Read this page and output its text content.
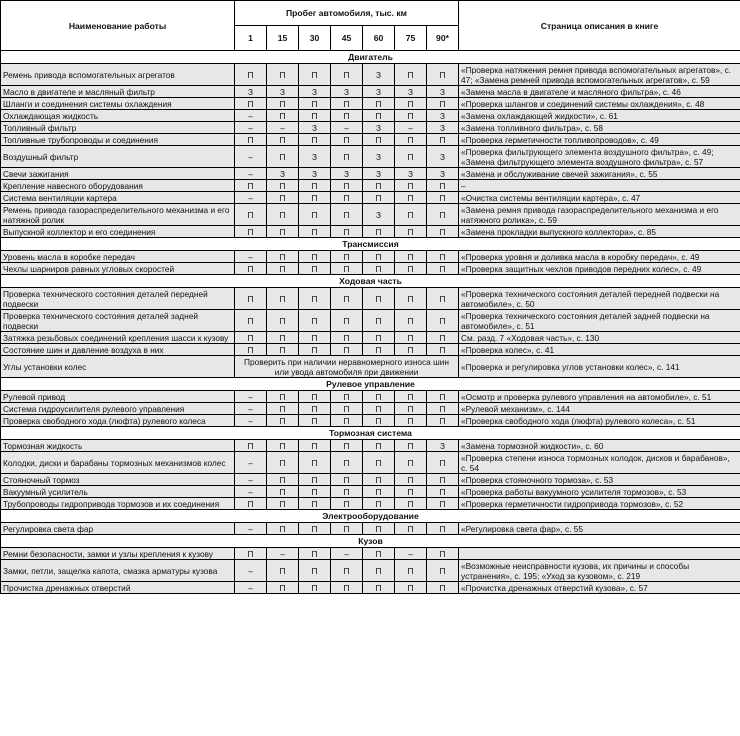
Наименование работы	Пробег автомобиля, тыс. км							Страница описания в книге
	1	15	30	45	60	75	90*	
Двигатель								
Ремень привода вспомогательных агрегатов	П	П	П	П	З	П	П	«Проверка натяжения ремня привода вспомогательных агрегатов», с. 47; «Замена ремней привода вспомогательных агрегатов», с. 59
Масло в двигателе и масляный фильтр	З	З	З	З	З	З	З	«Замена масла в двигателе и масляного фильтра», с. 46
Шланги и соединения системы охлаждения	П	П	П	П	П	П	П	«Проверка шлангов и соединений системы охлаждения», с. 48
Охлаждающая жидкость	–	П	П	П	П	П	З	«Замена охлаждающей жидкости», с. 61
Топливный фильтр	–	–	З	–	З	–	З	«Замена топливного фильтра», с. 58
Топливные трубопроводы и соединения	П	П	П	П	П	П	П	«Проверка герметичности топливопроводов», с. 49
Воздушный фильтр	–	П	З	П	З	П	З	«Проверка фильтрующего элемента воздушного фильтра», с. 49; «Замена фильтрующего элемента воздушного фильтра», с. 57
Свечи зажигания	–	З	З	З	З	З	З	«Замена и обслуживание свечей зажигания», с. 55
Крепление навесного оборудования	П	П	П	П	П	П	П	–
Система вентиляции картера	–	П	П	П	П	П	П	«Очистка системы вентиляции картера», с. 47
Ремень привода газораспределительного механизма и его натяжной ролик	П	П	П	П	З	П	П	«Замена ремня привода газораспределительного механизма и его натяжного ролика», с. 59
Выпускной коллектор и его соединения	П	П	П	П	П	П	П	«Замена прокладки выпускного коллектора», с. 85
Трансмиссия								
Уровень масла в коробке передач	–	П	П	П	П	П	П	«Проверка уровня и доливка масла в коробку передач», с. 49
Чехлы шарниров равных угловых скоростей	П	П	П	П	П	П	П	«Проверка защитных чехлов приводов передних колес», с. 49
Ходовая часть								
Проверка технического состояния деталей передней подвески	П	П	П	П	П	П	П	«Проверка технического состояния деталей передней подвески на автомобиле», с. 50
Проверка технического состояния деталей задней подвески	П	П	П	П	П	П	П	«Проверка технического состояния деталей задней подвески на автомобиле», с. 51
Затяжка резьбовых соединений крепления шасси к кузову	П	П	П	П	П	П	П	См. разд. 7 «Ходовая часть», с. 130
Состояние шин и давление воздуха в них	П	П	П	П	П	П	П	«Проверка колес», с. 41
Углы установки колес	Проверить при наличии неравномерного износа шин или увода автомобиля при движении							«Проверка и регулировка углов установки колес», с. 141
Рулевое управление								
Рулевой привод	–	П	П	П	П	П	П	«Осмотр и проверка рулевого управления на автомобиле», с. 51
Система гидроусилителя рулевого управления	–	П	П	П	П	П	П	«Рулевой механизм», с. 144
Проверка свободного хода (люфта) рулевого колеса	–	П	П	П	П	П	П	«Проверка свободного хода (люфта) рулевого колеса», с. 51
Тормозная система								
Тормозная жидкость	П	П	П	П	П	П	З	«Замена тормозной жидкости», с. 60
Колодки, диски и барабаны тормозных механизмов колес	–	П	П	П	П	П	П	«Проверка степени износа тормозных колодок, дисков и барабанов», с. 54
Стояночный тормоз	–	П	П	П	П	П	П	«Проверка стояночного тормоза», с. 53
Вакуумный усилитель	–	П	П	П	П	П	П	«Проверка работы вакуумного усилителя тормозов», с. 53
Трубопроводы гидропривода тормозов и их соединения	П	П	П	П	П	П	П	«Проверка герметичности гидропривода тормозов», с. 52
Электрооборудование								
Регулировка света фар	–	П	П	П	П	П	П	«Регулировка света фар», с. 55
Кузов								
Ремни безопасности, замки и узлы крепления к кузову	П	–	П	–	П	–	П	
Замки, петли, защелка капота, смазка арматуры кузова	–	П	П	П	П	П	П	«Возможные неисправности кузова, их причины и способы устранения», с. 195; «Уход за кузовом», с. 219
Прочистка дренажных отверстий	–	П	П	П	П	П	П	«Прочистка дренажных отверстий кузова», с. 57
